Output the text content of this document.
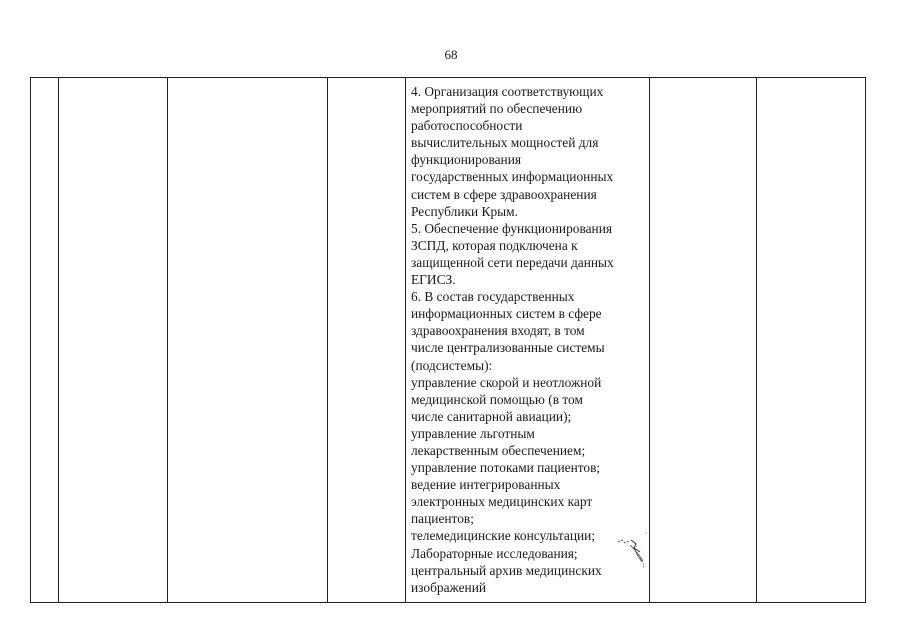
68

4. Организация соответствующих
мероприятий по обеспечению
работоспособности
вычислительных мощностей для
функционирования
государственных информационных
систем в сфере здравоохранения
Республики Крым.

5. Обеспечение функционирования
ЗСПД, которая подключена к
защищенной сети передачи данных
ЕГИСЗ.

6. В состав государственных
информационных систем в сфере
здравоохранения входят, в том
числе централизованные системы
(подсистемы):

управление скорой и неотложной
медицинской помощью (в том
числе санитарной авиации);

управление льготным
лекарственным обеспечением;

управление потоками пациентов;

ведение интегрированных
электронных медицинских карт
пациентов;

телемедицинские консультации;

Лабораторные исследования;

центральный архив медицинских
изображений
